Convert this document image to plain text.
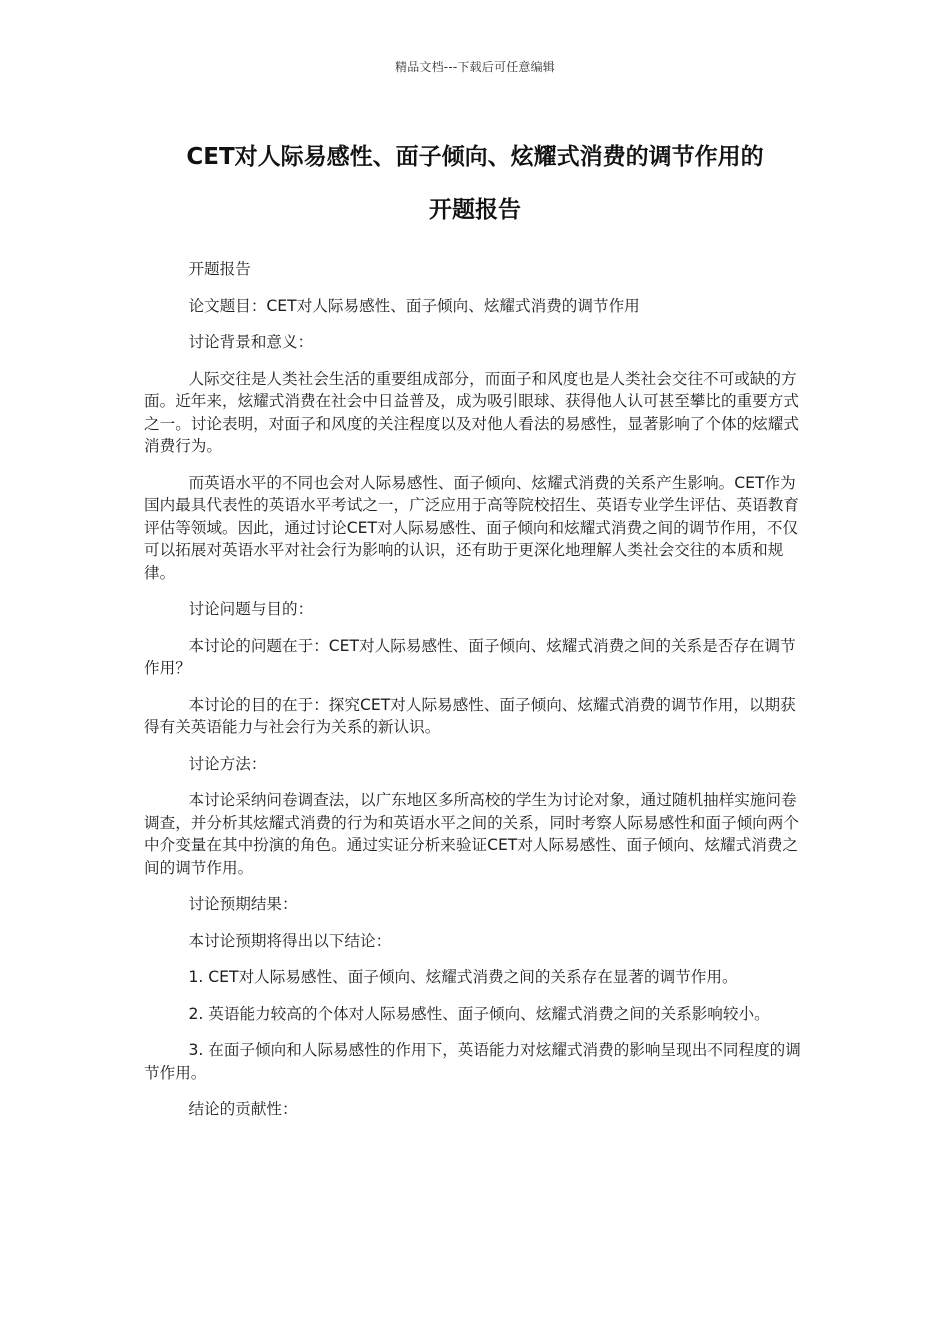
精品文档---下载后可任意编辑
CET对人际易感性、面子倾向、炫耀式消费的调节作用的
开题报告

开题报告

论文题目：CET对人际易感性、面子倾向、炫耀式消费的调节作用

讨论背景和意义：

人际交往是人类社会生活的重要组成部分，而面子和风度也是人类社会交往不可或缺的方面。近年来，炫耀式消费在社会中日益普及，成为吸引眼球、获得他人认可甚至攀比的重要方式之一。讨论表明，对面子和风度的关注程度以及对他人看法的易感性，显著影响了个体的炫耀式消费行为。

而英语水平的不同也会对人际易感性、面子倾向、炫耀式消费的关系产生影响。CET作为国内最具代表性的英语水平考试之一，广泛应用于高等院校招生、英语专业学生评估、英语教育评估等领域。因此，通过讨论CET对人际易感性、面子倾向和炫耀式消费之间的调节作用，不仅可以拓展对英语水平对社会行为影响的认识，还有助于更深化地理解人类社会交往的本质和规律。

讨论问题与目的：

本讨论的问题在于：CET对人际易感性、面子倾向、炫耀式消费之间的关系是否存在调节作用？

本讨论的目的在于：探究CET对人际易感性、面子倾向、炫耀式消费的调节作用，以期获得有关英语能力与社会行为关系的新认识。

讨论方法：

本讨论采纳问卷调查法，以广东地区多所高校的学生为讨论对象，通过随机抽样实施问卷调查，并分析其炫耀式消费的行为和英语水平之间的关系，同时考察人际易感性和面子倾向两个中介变量在其中扮演的角色。通过实证分析来验证CET对人际易感性、面子倾向、炫耀式消费之间的调节作用。

讨论预期结果：

本讨论预期将得出以下结论：

1. CET对人际易感性、面子倾向、炫耀式消费之间的关系存在显著的调节作用。

2. 英语能力较高的个体对人际易感性、面子倾向、炫耀式消费之间的关系影响较小。

3. 在面子倾向和人际易感性的作用下，英语能力对炫耀式消费的影响呈现出不同程度的调节作用。

结论的贡献性：
